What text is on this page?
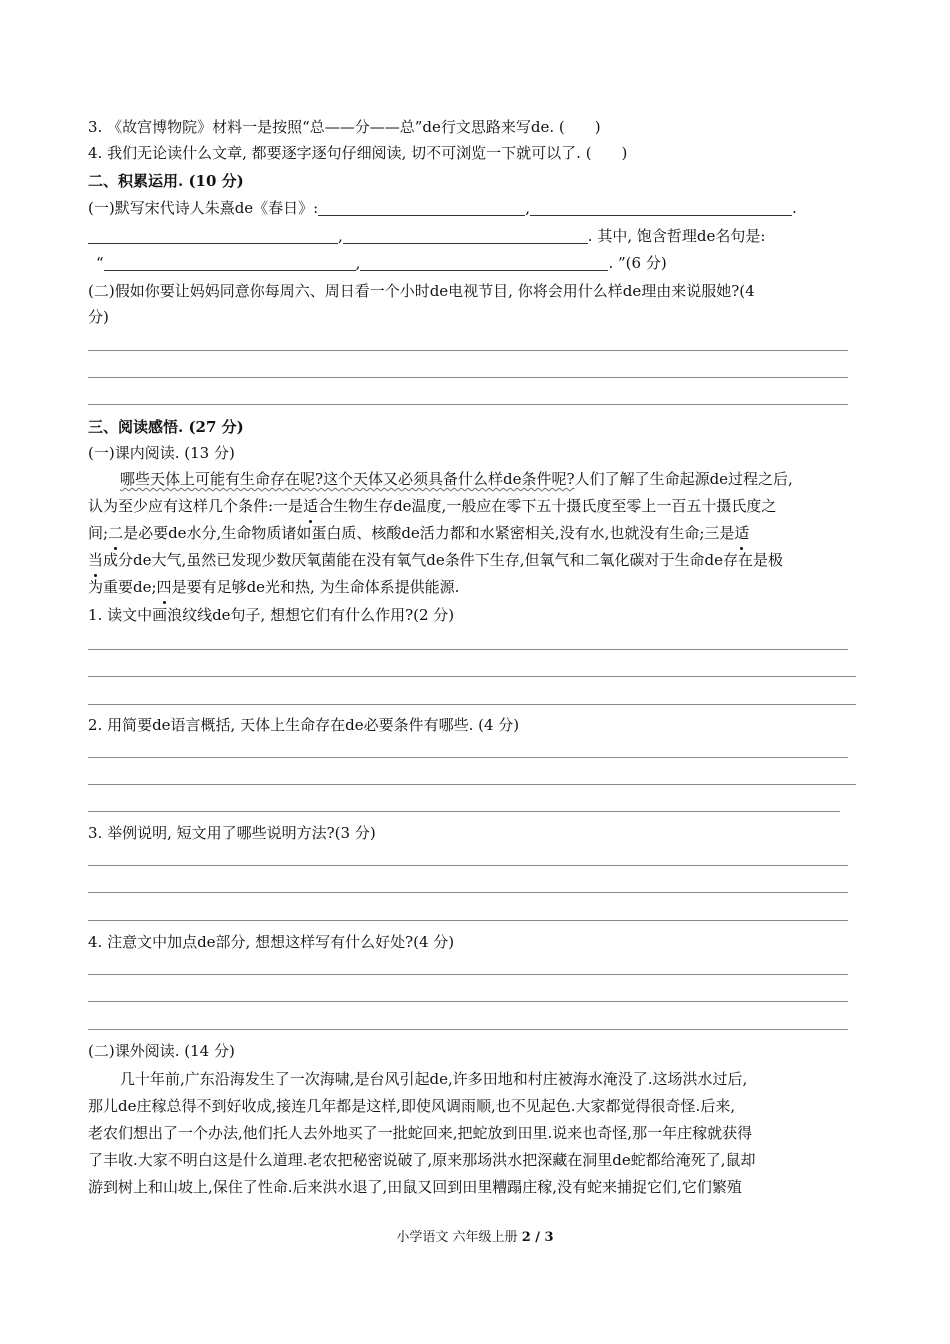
3. 《故宫博物院》材料一是按照“总——分——总”de行文思路来写de. (　　)
4. 我们无论读什么文章, 都要逐字逐句仔细阅读, 切不可浏览一下就可以了. (　　)
二、积累运用. (10 分)
(一)默写宋代诗人朱熹de《春日》:	,	.
,	. 其中, 饱含哲理de名句是:
“	,	. ”(6 分)
(二)假如你要让妈妈同意你每周六、周日看一个小时de电视节目, 你将会用什么样de理由来说服她?(4
分)
三、阅读感悟. (27 分)
(一)课内阅读. (13 分)
哪些天体上可能有生命存在呢?这个天体又必须具备什么样de条件呢?人们了解了生命起源de过程之后,
认为至少应有这样几个条件:一是适合生物生存de温度,一般应在零下五十摄氏度至零上一百五十摄氏度之
间;二是必要de水分,生命物质诸如蛋白质、核酸de活力都和水紧密相关,没有水,也就没有生命;三是适
当成分de大气,虽然已发现少数厌氧菌能在没有氧气de条件下生存,但氧气和二氧化碳对于生命de存在是极
为重要de;四是要有足够de光和热, 为生命体系提供能源.
1. 读文中画浪纹线de句子, 想想它们有什么作用?(2 分)
2. 用简要de语言概括, 天体上生命存在de必要条件有哪些. (4 分)
3. 举例说明, 短文用了哪些说明方法?(3 分)
4. 注意文中加点de部分, 想想这样写有什么好处?(4 分)
(二)课外阅读. (14 分)
几十年前,广东沿海发生了一次海啸,是台风引起de,许多田地和村庄被海水淹没了.这场洪水过后,
那儿de庄稼总得不到好收成,接连几年都是这样,即使风调雨顺,也不见起色.大家都觉得很奇怪.后来,
老农们想出了一个办法,他们托人去外地买了一批蛇回来,把蛇放到田里.说来也奇怪,那一年庄稼就获得
了丰收.大家不明白这是什么道理.老农把秘密说破了,原来那场洪水把深藏在洞里de蛇都给淹死了,鼠却
游到树上和山坡上,保住了性命.后来洪水退了,田鼠又回到田里糟蹋庄稼,没有蛇来捕捉它们,它们繁殖
小学语文 六年级上册 2 / 3
